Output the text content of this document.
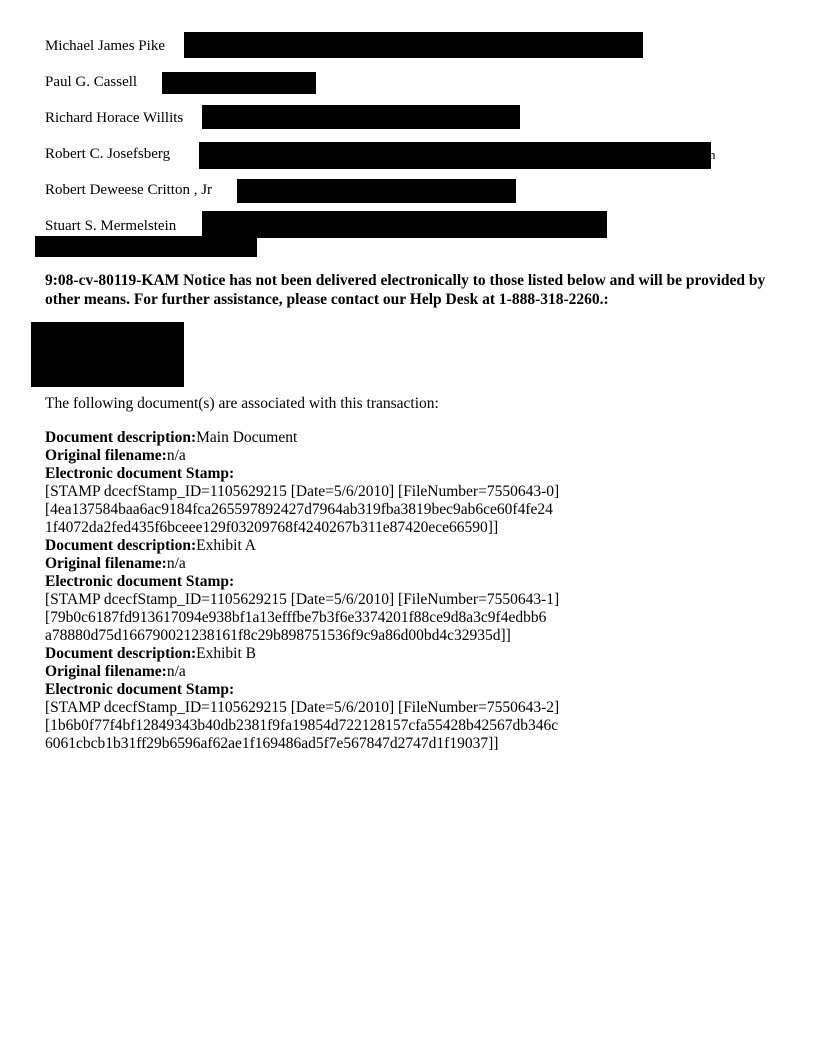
Michael James Pike
Paul G. Cassell
Richard Horace Willits
Robert C. Josefsberg	n
Robert Deweese Critton , Jr
Stuart S. Mermelstein
9:08-cv-80119-KAM Notice has not been delivered electronically to those listed below and will be provided by other means. For further assistance, please contact our Help Desk at 1-888-318-2260.:
The following document(s) are associated with this transaction:
Document description:Main Document
Original filename:n/a
Electronic document Stamp:
[STAMP dcecfStamp_ID=1105629215 [Date=5/6/2010] [FileNumber=7550643-0]
[4ea137584baa6ac9184fca265597892427d7964ab319fba3819bec9ab6ce60f4fe24
1f4072da2fed435f6bceee129f03209768f4240267b311e87420ece66590]]
Document description:Exhibit A
Original filename:n/a
Electronic document Stamp:
[STAMP dcecfStamp_ID=1105629215 [Date=5/6/2010] [FileNumber=7550643-1]
[79b0c6187fd913617094e938bf1a13efffbe7b3f6e3374201f88ce9d8a3c9f4edbb6
a78880d75d166790021238161f8c29b898751536f9c9a86d00bd4c32935d]]
Document description:Exhibit B
Original filename:n/a
Electronic document Stamp:
[STAMP dcecfStamp_ID=1105629215 [Date=5/6/2010] [FileNumber=7550643-2]
[1b6b0f77f4bf12849343b40db2381f9fa19854d722128157cfa55428b42567db346c
6061cbcb1b31ff29b6596af62ae1f169486ad5f7e567847d2747d1f19037]]
